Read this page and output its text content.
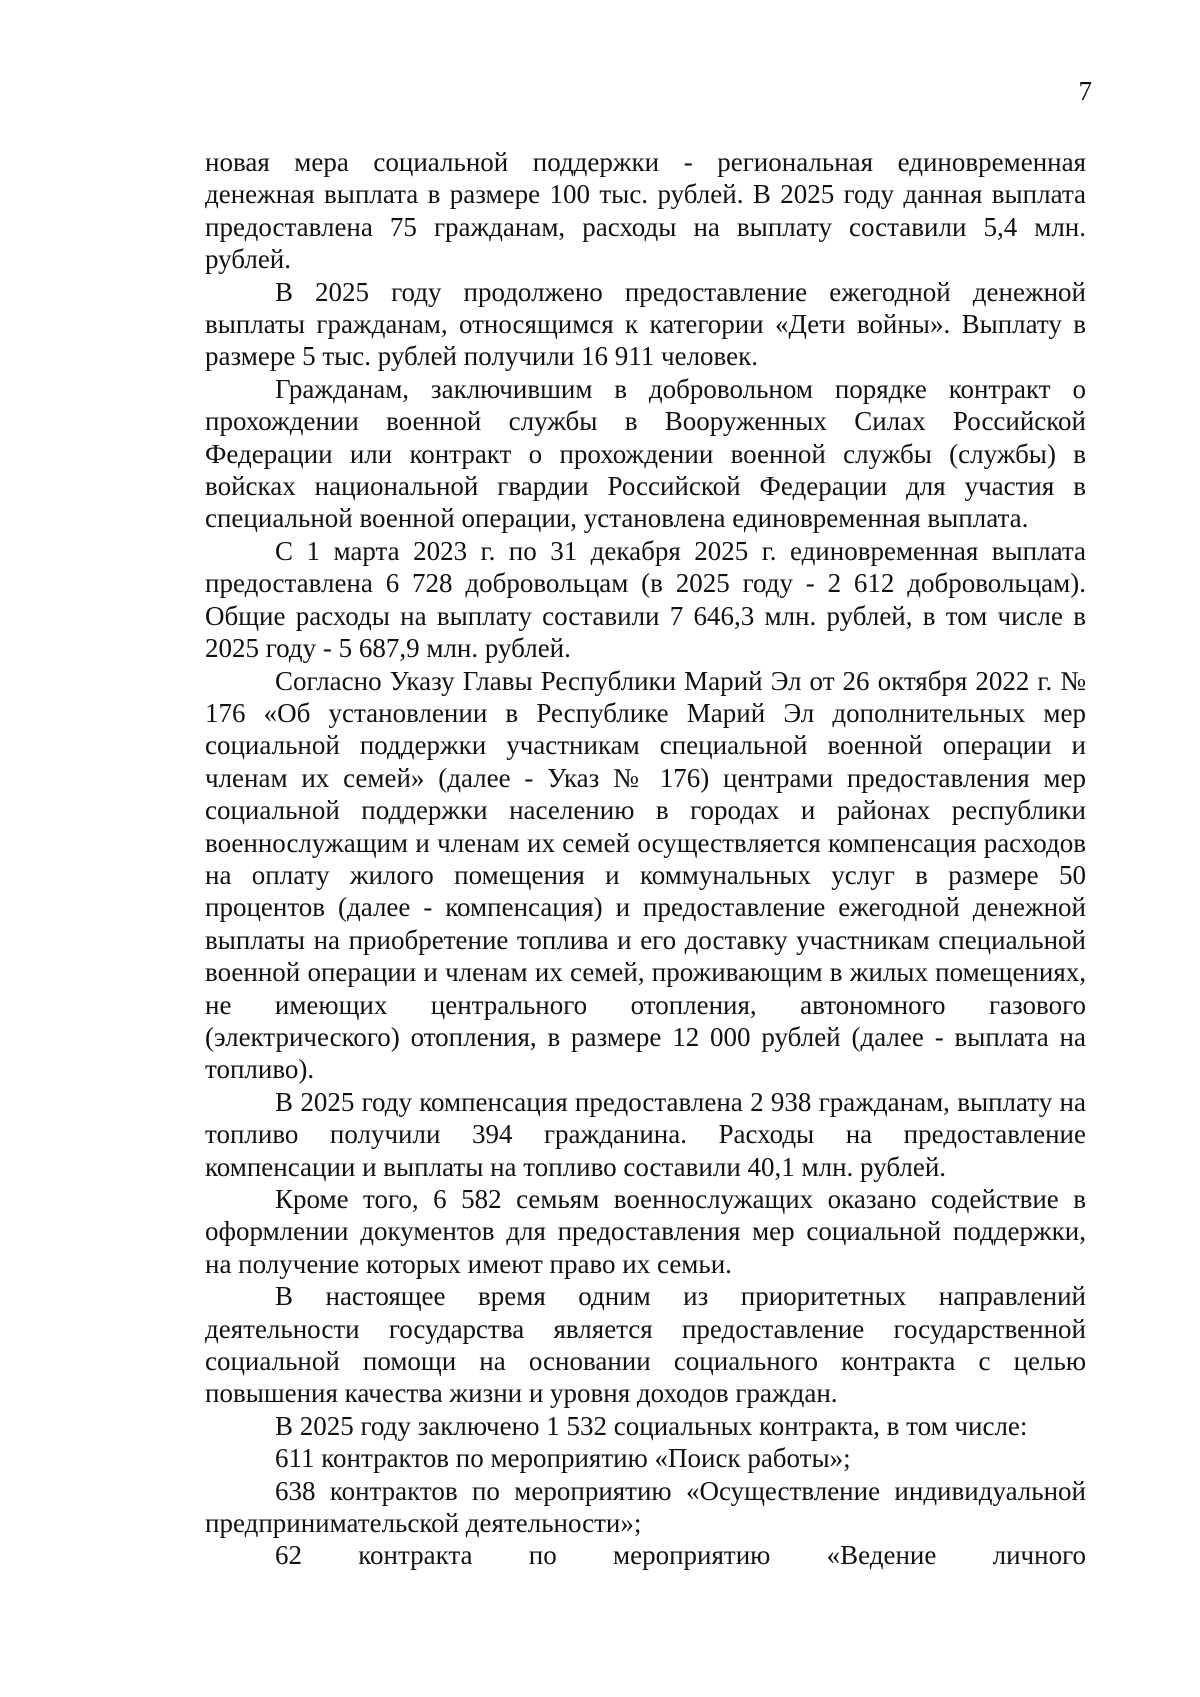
7

новая мера социальной поддержки - региональная единовременная денежная выплата в размере 100 тыс. рублей. В 2025 году данная выплата предоставлена 75 гражданам, расходы на выплату составили 5,4 млн. рублей.

В 2025 году продолжено предоставление ежегодной денежной выплаты гражданам, относящимся к категории «Дети войны». Выплату в размере 5 тыс. рублей получили 16 911 человек.

Гражданам, заключившим в добровольном порядке контракт о прохождении военной службы в Вооруженных Силах Российской Федерации или контракт о прохождении военной службы (службы) в войсках национальной гвардии Российской Федерации для участия в специальной военной операции, установлена единовременная выплата.

С 1 марта 2023 г. по 31 декабря 2025 г. единовременная выплата предоставлена 6 728 добровольцам (в 2025 году - 2 612 добровольцам). Общие расходы на выплату составили 7 646,3 млн. рублей, в том числе в 2025 году - 5 687,9 млн. рублей.

Согласно Указу Главы Республики Марий Эл от 26 октября 2022 г. № 176 «Об установлении в Республике Марий Эл дополнительных мер социальной поддержки участникам специальной военной операции и членам их семей» (далее - Указ № 176) центрами предоставления мер социальной поддержки населению в городах и районах республики военнослужащим и членам их семей осуществляется компенсация расходов на оплату жилого помещения и коммунальных услуг в размере 50 процентов (далее - компенсация) и предоставление ежегодной денежной выплаты на приобретение топлива и его доставку участникам специальной военной операции и членам их семей, проживающим в жилых помещениях, не имеющих центрального отопления, автономного газового (электрического) отопления, в размере 12 000 рублей (далее - выплата на топливо).

В 2025 году компенсация предоставлена 2 938 гражданам, выплату на топливо получили 394 гражданина. Расходы на предоставление компенсации и выплаты на топливо составили 40,1 млн. рублей.

Кроме того, 6 582 семьям военнослужащих оказано содействие в оформлении документов для предоставления мер социальной поддержки, на получение которых имеют право их семьи.

В настоящее время одним из приоритетных направлений деятельности государства является предоставление государственной социальной помощи на основании социального контракта с целью повышения качества жизни и уровня доходов граждан.

В 2025 году заключено 1 532 социальных контракта, в том числе:

611 контрактов по мероприятию «Поиск работы»;

638 контрактов по мероприятию «Осуществление индивидуальной предпринимательской деятельности»;

62 контракта по мероприятию «Ведение личного
